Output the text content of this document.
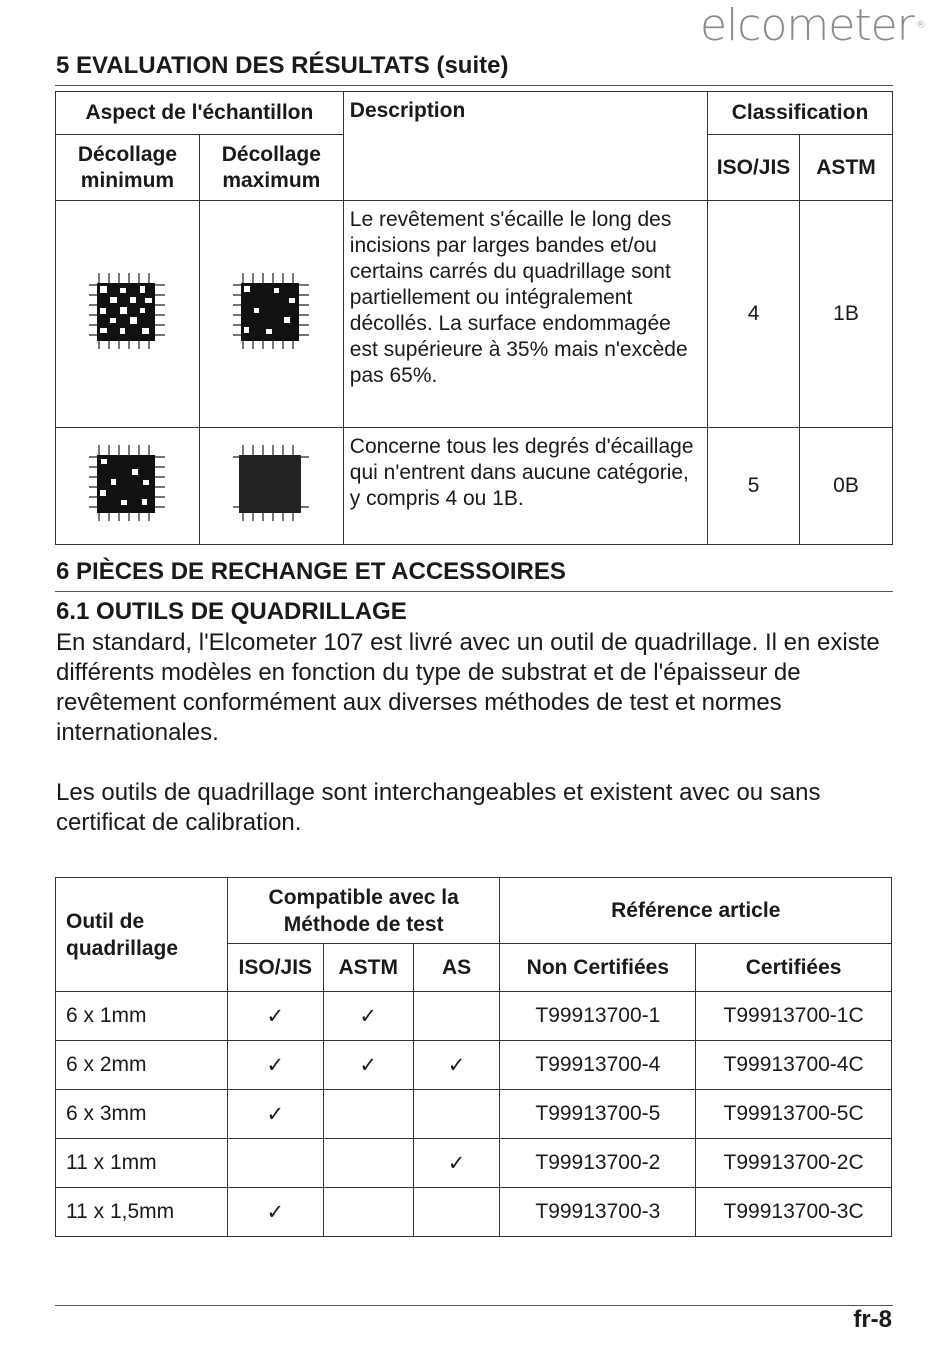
elcometer ®
5 EVALUATION DES RÉSULTATS (suite)
Aspect de l'échantillon		Description	Classification	
Décollage minimum	Décollage maximum		ISO/JIS	ASTM
		Le revêtement s'écaille le long des incisions par larges bandes et/ou certains carrés du quadrillage sont partiellement ou intégralement décollés. La surface endommagée est supérieure à 35% mais n'excède pas 65%.	4	1B
		Concerne tous les degrés d'écaillage qui n'entrent dans aucune catégorie, y compris 4 ou 1B.	5	0B
6 PIÈCES DE RECHANGE ET ACCESSOIRES
6.1 OUTILS DE QUADRILLAGE

En standard, l'Elcometer 107 est livré avec un outil de quadrillage. Il en existe différents modèles en fonction du type de substrat et de l'épaisseur de revêtement conformément aux diverses méthodes de test et normes internationales.

Les outils de quadrillage sont interchangeables et existent avec ou sans certificat de calibration.

Outil de quadrillage	Compatible avec la Méthode de test			Référence article	
	ISO/JIS	ASTM	AS	Non Certifiées	Certifiées
6 x 1mm	✓	✓		T99913700-1	T99913700-1C
6 x 2mm	✓	✓	✓	T99913700-4	T99913700-4C
6 x 3mm	✓			T99913700-5	T99913700-5C
11 x 1mm			✓	T99913700-2	T99913700-2C
11 x 1,5mm	✓			T99913700-3	T99913700-3C
fr-8
